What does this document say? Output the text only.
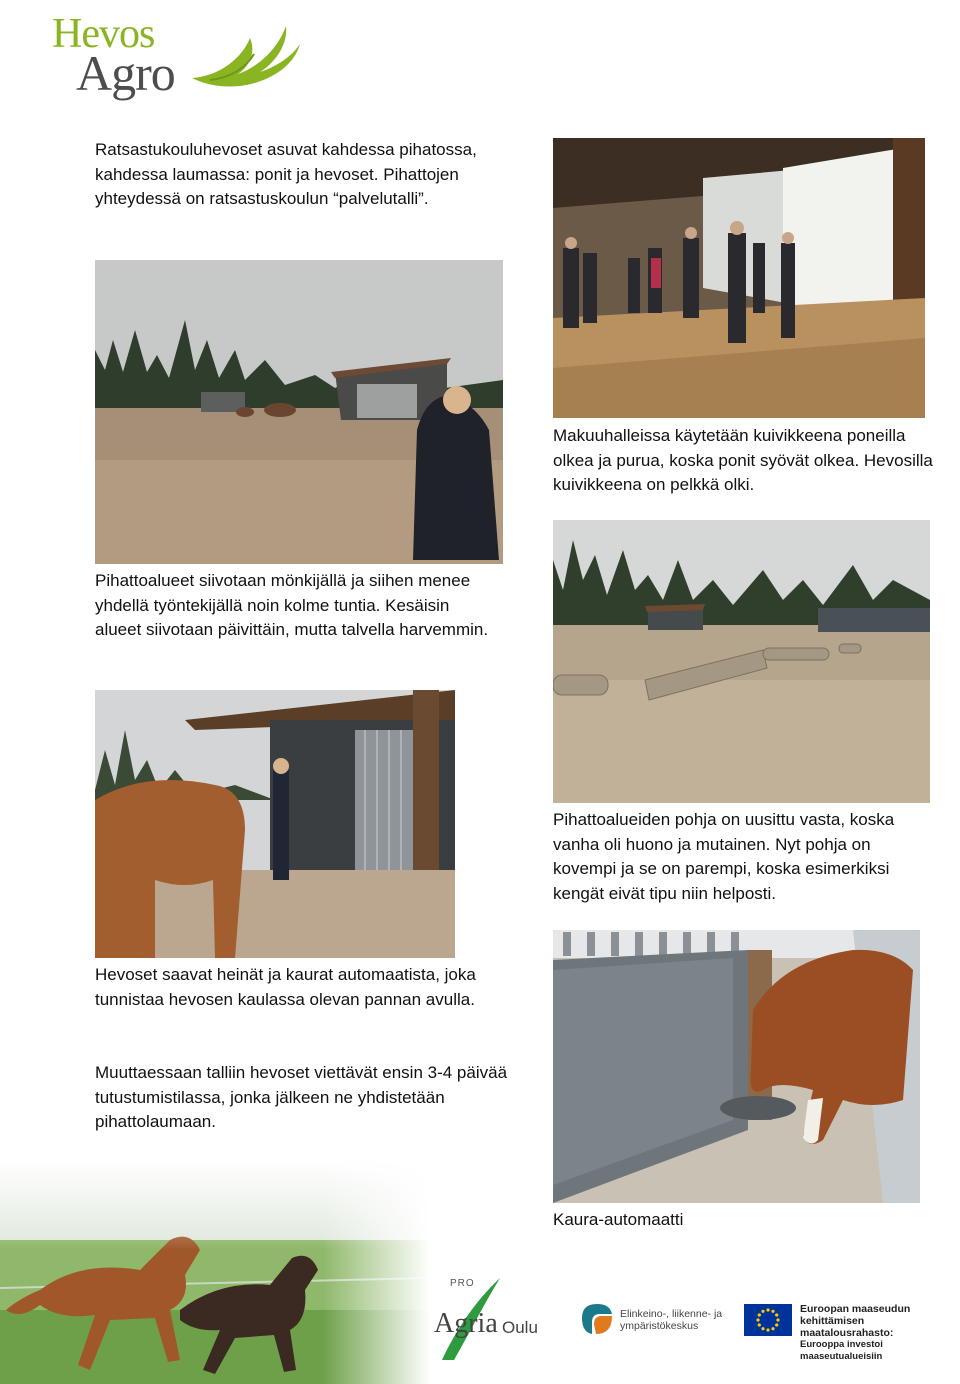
Hevos
Agro

Ratsastukouluhevoset asuvat kahdessa pihatossa, kahdessa laumassa: ponit ja hevoset. Pihattojen yhteydessä on ratsastuskoulun “palvelutalli”.

Makuuhalleissa käytetään kuivikkeena poneilla olkea ja purua, koska ponit syövät olkea. Hevosilla kuivikkeena on pelkkä olki.

Pihattoalueet siivotaan mönkijällä ja siihen menee yhdellä työntekijällä noin kolme tuntia. Kesäisin alueet siivotaan päivittäin, mutta talvella harvemmin.

Pihattoalueiden pohja on uusittu vasta, koska vanha oli huono ja mutainen. Nyt pohja on kovempi ja se on parempi, koska esimerkiksi kengät eivät tipu niin helposti.

Hevoset saavat heinät ja kaurat automaatista, joka tunnistaa hevosen kaulassa olevan pannan avulla.

Muuttaessaan talliin hevoset viettävät ensin 3-4 päivää tutustumistilassa, jonka jälkeen ne yhdistetään pihattolaumaan.

Kaura-automaatti

PRO
Agria Oulu
Elinkeino-, liikenne- ja
ympäristökeskus
Euroopan maaseudun
kehittämisen maatalousrahasto:
Eurooppa investoi maaseutualueisiin
